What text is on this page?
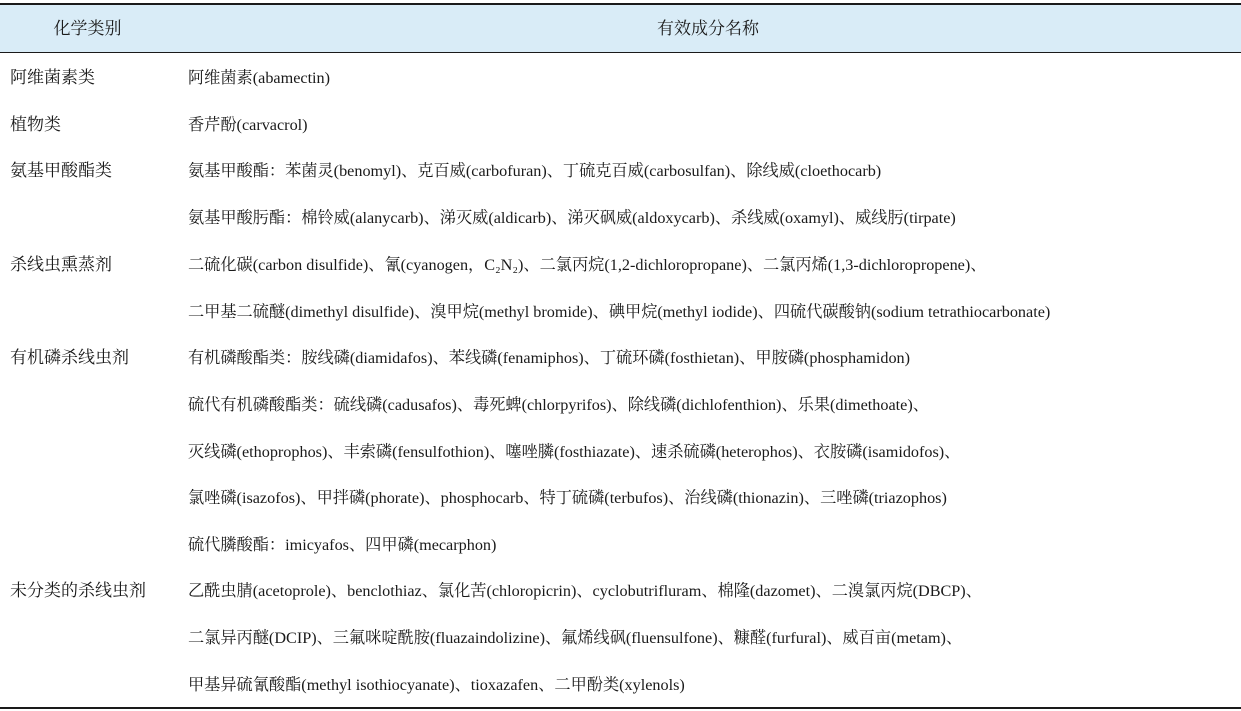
化学类别	有效成分名称
阿维菌素类	阿维菌素(abamectin)
植物类	香芹酚(carvacrol)
氨基甲酸酯类	氨基甲酸酯：苯菌灵(benomyl)、克百威(carbofuran)、丁硫克百威(carbosulfan)、除线威(cloethocarb)
氨基甲酸肟酯：棉铃威(alanycarb)、涕灭威(aldicarb)、涕灭砜威(aldoxycarb)、杀线威(oxamyl)、威线肟(tirpate)
杀线虫熏蒸剂	二硫化碳(carbon disulfide)、氰(cyanogen，C₂N₂)、二氯丙烷(1,2-dichloropropane)、二氯丙烯(1,3-dichloropropene)、
二甲基二硫醚(dimethyl disulfide)、溴甲烷(methyl bromide)、碘甲烷(methyl iodide)、四硫代碳酸钠(sodium tetrathiocarbonate)
有机磷杀线虫剂	有机磷酸酯类：胺线磷(diamidafos)、苯线磷(fenamiphos)、丁硫环磷(fosthietan)、甲胺磷(phosphamidon)
硫代有机磷酸酯类：硫线磷(cadusafos)、毒死蜱(chlorpyrifos)、除线磷(dichlofenthion)、乐果(dimethoate)、
灭线磷(ethoprophos)、丰索磷(fensulfothion)、噻唑膦(fosthiazate)、速杀硫磷(heterophos)、衣胺磷(isamidofos)、
氯唑磷(isazofos)、甲拌磷(phorate)、phosphocarb、特丁硫磷(terbufos)、治线磷(thionazin)、三唑磷(triazophos)
硫代膦酸酯：imicyafos、四甲磷(mecarphon)
未分类的杀线虫剂	乙酰虫腈(acetoprole)、benclothiaz、氯化苦(chloropicrin)、cyclobutrifluram、棉隆(dazomet)、二溴氯丙烷(DBCP)、
二氯异丙醚(DCIP)、三氟咪啶酰胺(fluazaindolizine)、氟烯线砜(fluensulfone)、糠醛(furfural)、威百亩(metam)、
甲基异硫氰酸酯(methyl isothiocyanate)、tioxazafen、二甲酚类(xylenols)
